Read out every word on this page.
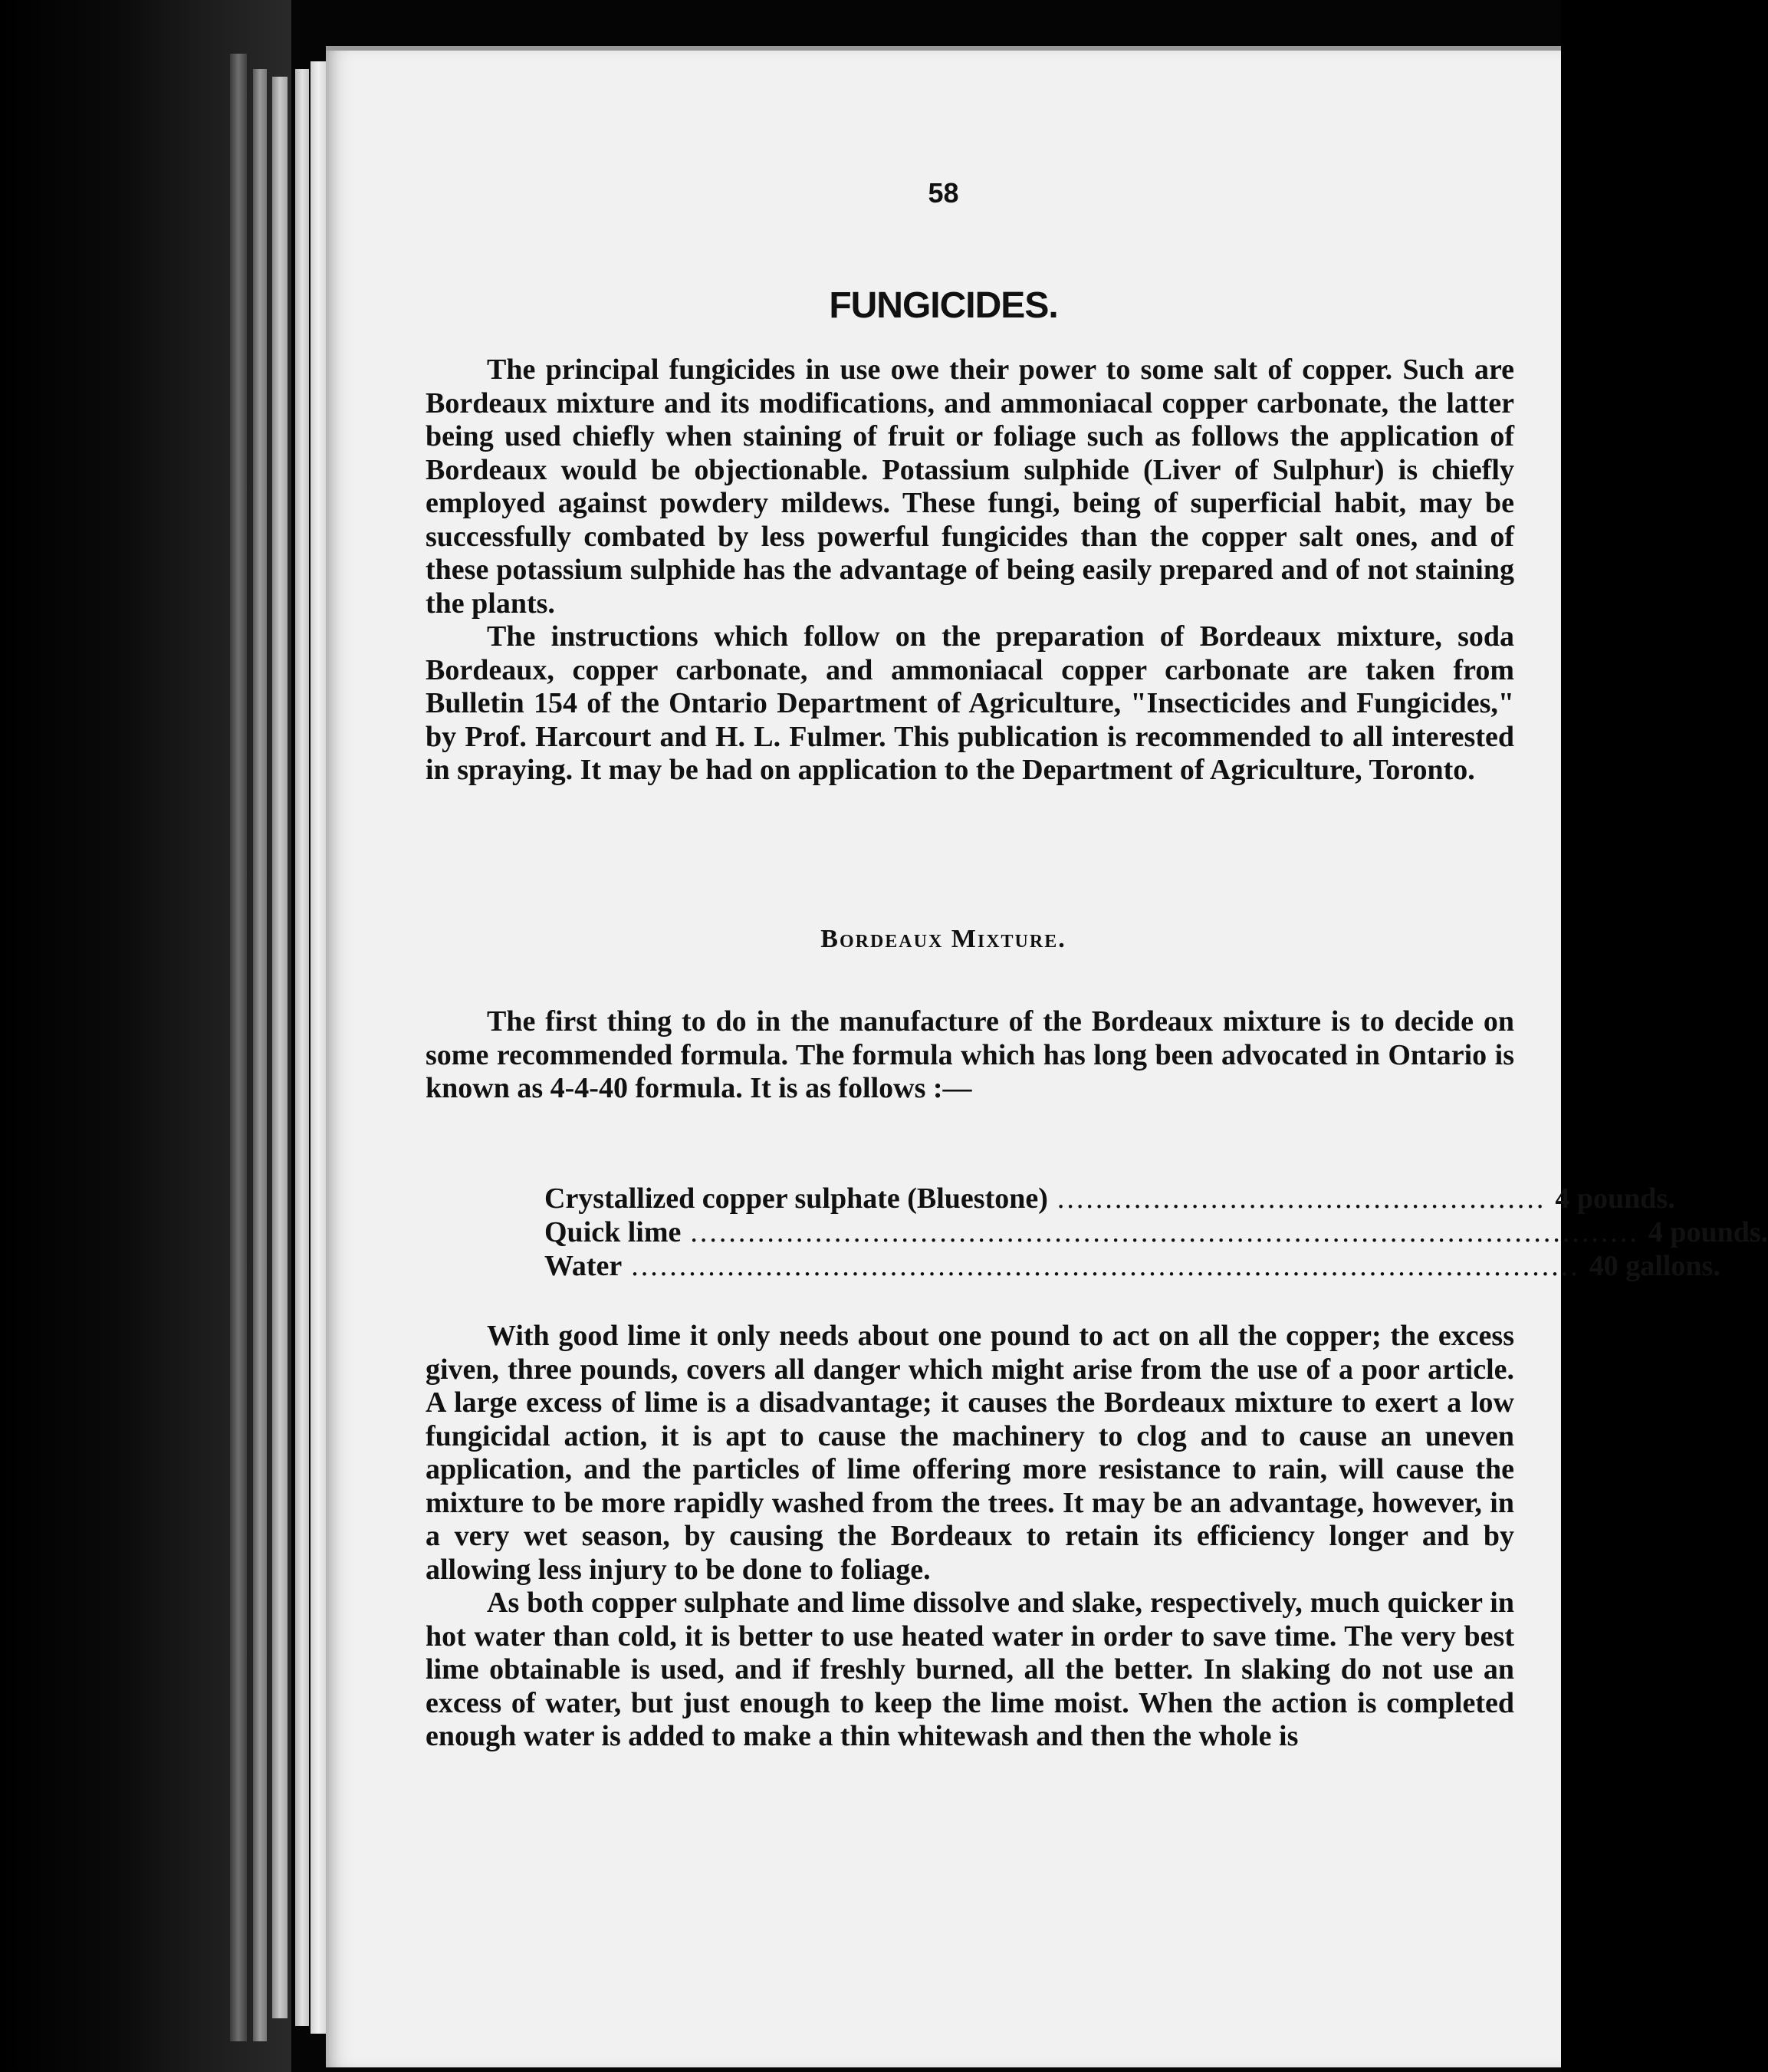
58
FUNGICIDES.

The principal fungicides in use owe their power to some salt of copper. Such are Bordeaux mixture and its modifications, and ammoniacal copper carbonate, the latter being used chiefly when staining of fruit or foliage such as follows the application of Bordeaux would be objectionable. Potassium sulphide (Liver of Sulphur) is chiefly employed against powdery mildews. These fungi, being of superficial habit, may be successfully combated by less powerful fungicides than the copper salt ones, and of these potassium sulphide has the advantage of being easily prepared and of not staining the plants.

The instructions which follow on the preparation of Bordeaux mixture, soda Bordeaux, copper carbonate, and ammoniacal copper carbonate are taken from Bulletin 154 of the Ontario Department of Agriculture, "Insecticides and Fungicides," by Prof. Harcourt and H. L. Fulmer. This publication is recommended to all interested in spraying. It may be had on application to the Department of Agriculture, Toronto.

Bordeaux Mixture.

The first thing to do in the manufacture of the Bordeaux mixture is to decide on some recommended formula. The formula which has long been advocated in Ontario is known as 4-4-40 formula. It is as follows :—

Crystallized copper sulphate (Bluestone) ................................................... 4 pounds.
Quick lime ................................................................................................... 4 pounds.
Water ................................................................................................... 40 gallons.

With good lime it only needs about one pound to act on all the copper; the excess given, three pounds, covers all danger which might arise from the use of a poor article. A large excess of lime is a disadvantage; it causes the Bordeaux mixture to exert a low fungicidal action, it is apt to cause the machinery to clog and to cause an uneven application, and the particles of lime offering more resistance to rain, will cause the mixture to be more rapidly washed from the trees. It may be an advantage, however, in a very wet season, by causing the Bordeaux to retain its efficiency longer and by allowing less injury to be done to foliage.

As both copper sulphate and lime dissolve and slake, respectively, much quicker in hot water than cold, it is better to use heated water in order to save time. The very best lime obtainable is used, and if freshly burned, all the better. In slaking do not use an excess of water, but just enough to keep the lime moist. When the action is completed enough water is added to make a thin whitewash and then the whole is
